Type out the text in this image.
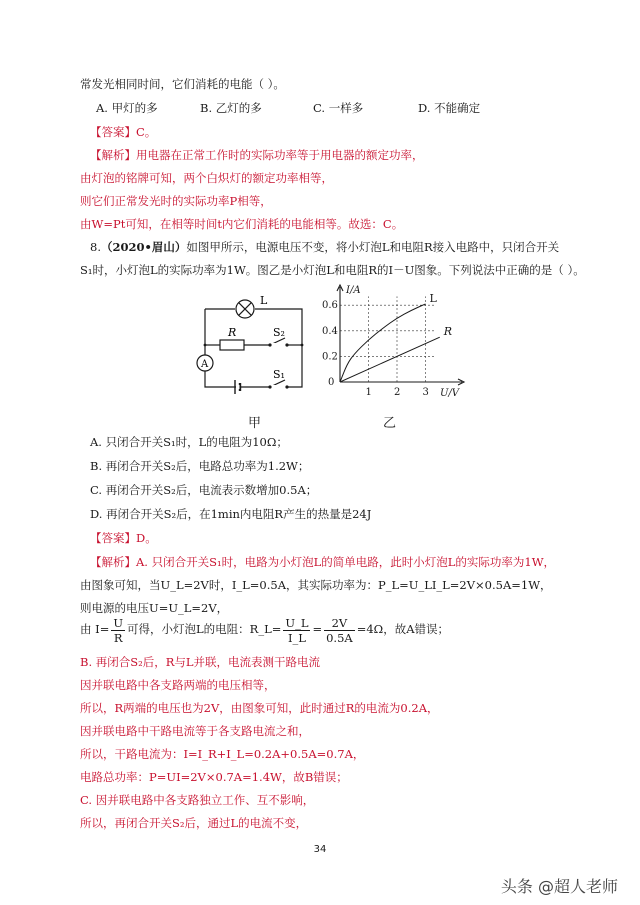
常发光相同时间，它们消耗的电能（ ）。
A. 甲灯的多	B. 乙灯的多	C. 一样多	D. 不能确定
【答案】C。
【解析】用电器在正常工作时的实际功率等于用电器的额定功率，
由灯泡的铭牌可知，两个白炽灯的额定功率相等，
则它们正常发光时的实际功率P相等，
由W=Pt可知，在相等时间t内它们消耗的电能相等。故选：C。
8.（2020•眉山）如图甲所示，电源电压不变，将小灯泡L和电阻R接入电路中，只闭合开关
S₁时，小灯泡L的实际功率为1W。图乙是小灯泡L和电阻R的I－U图象。下列说法中正确的是（ ）。
L
R	S₂
A
S₁
甲
1 2 3
0.2
0.4
0.6
0
U/V
I/A
L
R
乙
A. 只闭合开关S₁时，L的电阻为10Ω；
B. 再闭合开关S₂后，电路总功率为1.2W；
C. 再闭合开关S₂后，电流表示数增加0.5A；
D. 再闭合开关S₂后，在1min内电阻R产生的热量是24J
【答案】D。
【解析】A. 只闭合开关S₁时，电路为小灯泡L的简单电路，此时小灯泡L的实际功率为1W，
由图象可知，当U_L=2V时，I_L=0.5A，其实际功率为：P_L=U_LI_L=2V×0.5A=1W，
则电源的电压U=U_L=2V，
由 $I= \frac{U}{R}$ 可得，小灯泡L的电阻：R_L= $\frac{U\_L}{I\_L} = \frac{2V}{0.5A} =4\Omega$，故A错误；
B. 再闭合S₂后，R与L并联，电流表测干路电流
因并联电路中各支路两端的电压相等，
所以，R两端的电压也为2V，由图象可知，此时通过R的电流为0.2A，
因并联电路中干路电流等于各支路电流之和，
所以，干路电流为：I=I_R+I_L=0.2A+0.5A=0.7A，
电路总功率：P=UI=2V×0.7A=1.4W，故B错误；
C. 因并联电路中各支路独立工作、互不影响，
所以，再闭合开关S₂后，通过L的电流不变，
34
头条 @超人老师
